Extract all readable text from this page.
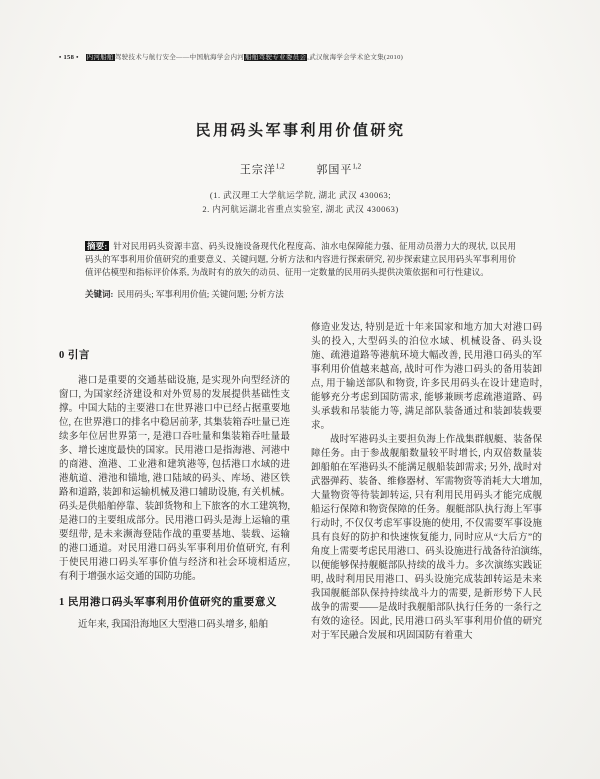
• 158 • 内河船舶驾驶技术与航行安全——中国航海学会内河船舶驾驶专业委员会,武汉航海学会学术论文集(2010)
民用码头军事利用价值研究
王宗洋$^{1,2}$	郭国平$^{1,2}$
(1. 武汉理工大学航运学院, 湖北 武汉 430063;
2. 内河航运湖北省重点实验室, 湖北 武汉 430063)
摘要: 针对民用码头资源丰富、码头设施设备现代化程度高、油水电保障能力强、征用动员潜力大的现状, 以民用码头的军事利用价值研究的重要意义、关键问题, 分析方法和内容进行探索研究, 初步探索建立民用码头军事利用价值评估模型和指标评价体系, 为战时有的放矢的动员、征用一定数量的民用码头提供决策依据和可行性建议。
关键词: 民用码头; 军事利用价值; 关键问题; 分析方法
0 引言

港口是重要的交通基础设施, 是实现外向型经济的窗口, 为国家经济建设和对外贸易的发展提供基础性支撑。中国大陆的主要港口在世界港口中已经占据重要地位, 在世界港口的排名中稳居前茅, 其集装箱吞吐量已连续多年位居世界第一, 是港口吞吐量和集装箱吞吐量最多、增长速度最快的国家。民用港口是指海港、河港中的商港、渔港、工业港和建筑港等, 包括港口水域的进港航道、港池和锚地, 港口陆域的码头、库场、港区铁路和道路, 装卸和运输机械及港口辅助设施, 有关机械。码头是供船舶停靠、装卸货物和上下旅客的水工建筑物, 是港口的主要组成部分。民用港口码头是海上运输的重要纽带, 是未来濒海登陆作战的重要基地、装载、运输的港口通道。对民用港口码头军事利用价值研究, 有利于使民用港口码头军事价值与经济和社会环境相适应, 有利于增强水运交通的国防功能。

1 民用港口码头军事利用价值研究的重要意义

近年来, 我国沿海地区大型港口码头增多, 船舶

修造业发达, 特别是近十年来国家和地方加大对港口码头的投入, 大型码头的泊位水域、机械设备、码头设施、疏港道路等港航环境大幅改善, 民用港口码头的军事利用价值越来越高, 战时可作为港口码头的备用装卸点, 用于输送部队和物资, 许多民用码头在设计建造时, 能够充分考虑到国防需求, 能够兼顾考虑疏港道路、码头承载和吊装能力等, 满足部队装备通过和装卸装载要求。

战时军港码头主要担负海上作战集群舰艇、装备保障任务。由于参战舰船数量较平时增长, 内双倍数量装卸船舶在军港码头不能满足舰船装卸需求; 另外, 战时对武器弹药、装备、维修器材、军需物资等消耗大大增加, 大量物资等待装卸转运, 只有利用民用码头才能完成舰船运行保障和物资保障的任务。舰艇部队执行海上军事行动时, 不仅仅考虑军事设施的使用, 不仅需要军事设施具有良好的防护和快速恢复能力, 同时应从“大后方”的角度上需要考虑民用港口、码头设施进行战备待泊演练, 以便能够保持舰艇部队持续的战斗力。多次演练实践证明, 战时利用民用港口、码头设施完成装卸转运是未来我国舰艇部队保持持续战斗力的需要, 是新形势下人民战争的需要——是战时我舰船部队执行任务的一条行之有效的途径。因此, 民用港口码头军事利用价值的研究对于军民融合发展和巩固国防有着重大
